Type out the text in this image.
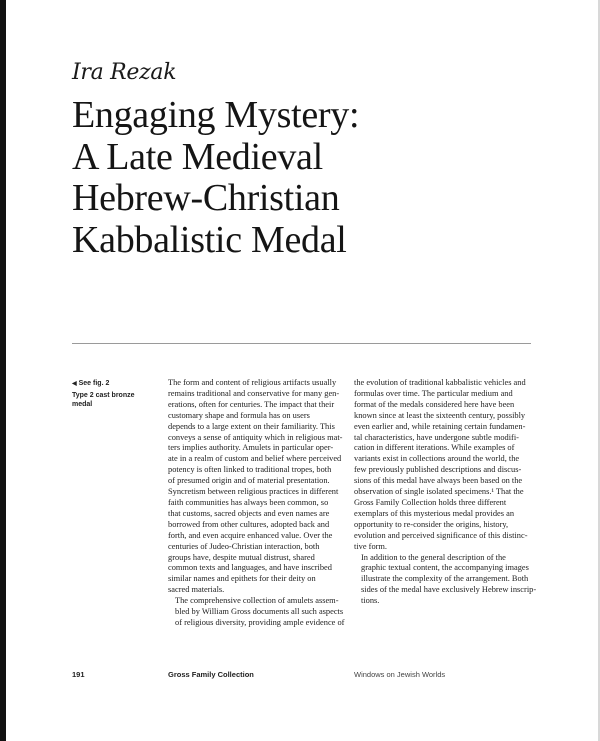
Ira Rezak
Engaging Mystery:
A Late Medieval
Hebrew-Christian
Kabbalistic Medal
◀ See fig. 2
Type 2 cast bronze
medal

The form and content of religious artifacts usually
remains traditional and conservative for many gen-
erations, often for centuries. The impact that their
customary shape and formula has on users
depends to a large extent on their familiarity. This
conveys a sense of antiquity which in religious mat-
ters implies authority. Amulets in particular oper-
ate in a realm of custom and belief where perceived
potency is often linked to traditional tropes, both
of presumed origin and of material presentation.
Syncretism between religious practices in different
faith communities has always been common, so
that customs, sacred objects and even names are
borrowed from other cultures, adopted back and
forth, and even acquire enhanced value. Over the
centuries of Judeo-Christian interaction, both
groups have, despite mutual distrust, shared
common texts and languages, and have inscribed
similar names and epithets for their deity on
sacred materials.

The comprehensive collection of amulets assem-
bled by William Gross documents all such aspects
of religious diversity, providing ample evidence of

the evolution of traditional kabbalistic vehicles and
formulas over time. The particular medium and
format of the medals considered here have been
known since at least the sixteenth century, possibly
even earlier and, while retaining certain fundamen-
tal characteristics, have undergone subtle modifi-
cation in different iterations. While examples of
variants exist in collections around the world, the
few previously published descriptions and discus-
sions of this medal have always been based on the
observation of single isolated specimens.¹ That the
Gross Family Collection holds three different
exemplars of this mysterious medal provides an
opportunity to re-consider the origins, history,
evolution and perceived significance of this distinc-
tive form.

In addition to the general description of the
graphic textual content, the accompanying images
illustrate the complexity of the arrangement. Both
sides of the medal have exclusively Hebrew inscrip-
tions.

191	Gross Family Collection	Windows on Jewish Worlds
